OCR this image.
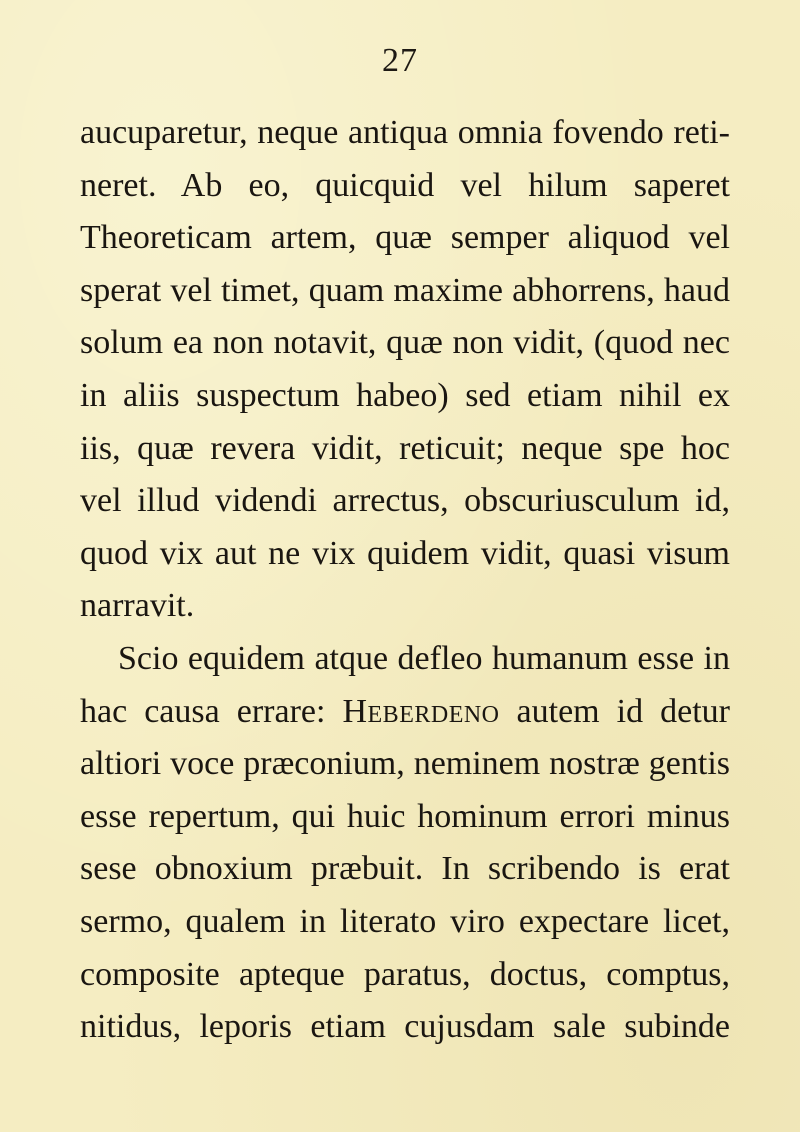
27
aucuparetur, neque antiqua omnia fovendo reti-
neret. Ab eo, quicquid vel hilum saperet
Theoreticam artem, quæ semper aliquod vel
sperat vel timet, quam maxime abhorrens, haud
solum ea non notavit, quæ non vidit, (quod nec
in aliis suspectum habeo) sed etiam nihil ex
iis, quæ revera vidit, reticuit; neque spe hoc
vel illud videndi arrectus, obscuriusculum id,
quod vix aut ne vix quidem vidit, quasi visum
narravit.
Scio equidem atque defleo humanum esse in
hac causa errare: Heberdeno autem id detur
altiori voce præconium, neminem nostræ gentis
esse repertum, qui huic hominum errori minus
sese obnoxium præbuit. In scribendo is erat
sermo, qualem in literato viro expectare licet,
composite apteque paratus, doctus, comptus,
nitidus, leporis etiam cujusdam sale subinde
